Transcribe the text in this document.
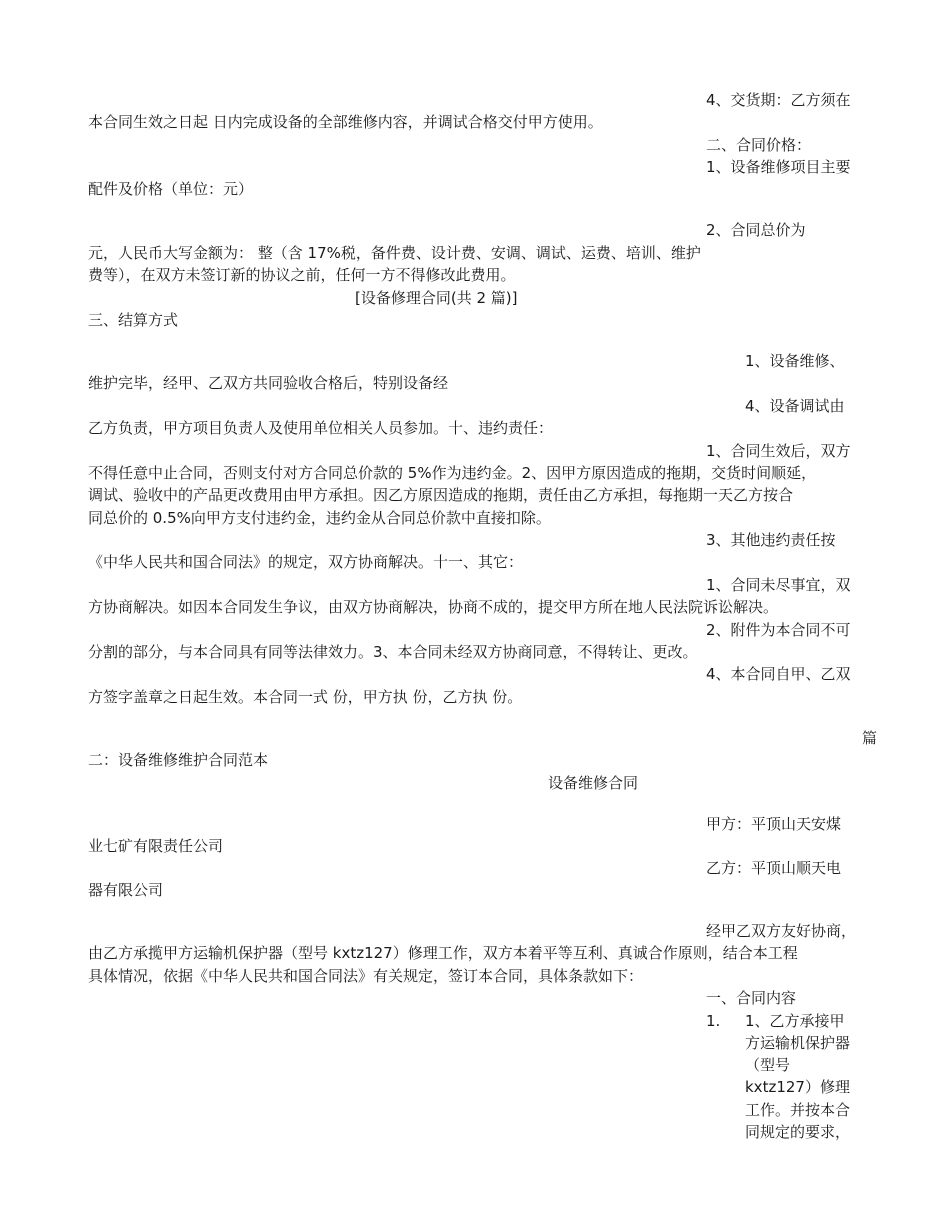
4、交货期：乙方须在
本合同生效之日起 日内完成设备的全部维修内容，并调试合格交付甲方使用。
二、合同价格：
1、设备维修项目主要
配件及价格（单位：元）
2、合同总价为
元，人民币大写金额为： 整（含 17%税，备件费、设计费、安调、调试、运费、培训、维护
费等），在双方未签订新的协议之前，任何一方不得修改此费用。
[设备修理合同(共 2 篇)]
三、结算方式
1、设备维修、
维护完毕，经甲、乙双方共同验收合格后，特别设备经
4、设备调试由
乙方负责，甲方项目负责人及使用单位相关人员参加。十、违约责任：
1、合同生效后，双方
不得任意中止合同，否则支付对方合同总价款的 5%作为违约金。2、因甲方原因造成的拖期，交货时间顺延，
调试、验收中的产品更改费用由甲方承担。因乙方原因造成的拖期，责任由乙方承担，每拖期一天乙方按合
同总价的 0.5%向甲方支付违约金，违约金从合同总价款中直接扣除。
3、其他违约责任按
《中华人民共和国合同法》的规定，双方协商解决。十一、其它：
1、合同未尽事宜，双
方协商解决。如因本合同发生争议，由双方协商解决，协商不成的，提交甲方所在地人民法院诉讼解决。
2、附件为本合同不可
分割的部分，与本合同具有同等法律效力。3、本合同未经双方协商同意，不得转让、更改。
4、本合同自甲、乙双
方签字盖章之日起生效。本合同一式 份，甲方执 份，乙方执 份。
篇
二：设备维修维护合同范本
设备维修合同
甲方：平顶山天安煤
业七矿有限责任公司
乙方：平顶山顺天电
器有限公司
经甲乙双方友好协商，
由乙方承揽甲方运输机保护器（型号 kxtz127）修理工作，双方本着平等互利、真诚合作原则，结合本工程
具体情况，依据《中华人民共和国合同法》有关规定，签订本合同，具体条款如下：
一、合同内容
1. 1、乙方承接甲
方运输机保护器
（型号
kxtz127）修理
工作。并按本合
同规定的要求，
